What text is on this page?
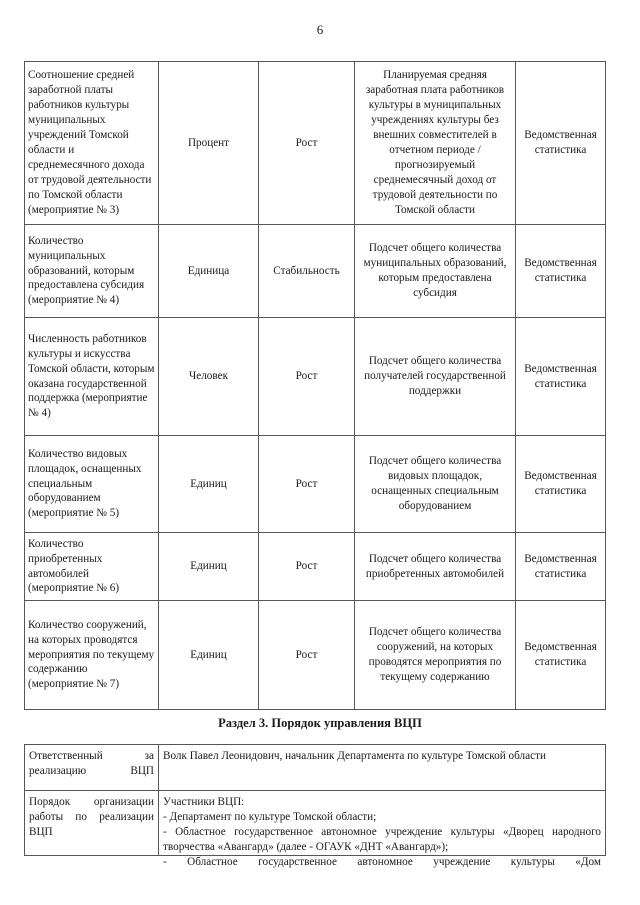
6
Соотношение средней заработной платы работников культуры муниципальных учреждений Томской области и среднемесячного дохода от трудовой деятельности по Томской области (мероприятие № 3)	Процент	Рост	Планируемая средняя заработная плата работников культуры в муниципальных учреждениях культуры без внешних совместителей в отчетном периоде / прогнозируемый среднемесячный доход от трудовой деятельности по Томской области	Ведомственная статистика
Количество муниципальных образований, которым предоставлена субсидия (мероприятие № 4)	Единица	Стабильность	Подсчет общего количества муниципальных образований, которым предоставлена субсидия	Ведомственная статистика
Численность работников культуры и искусства Томской области, которым оказана государственной поддержка (мероприятие № 4)	Человек	Рост	Подсчет общего количества получателей государственной поддержки	Ведомственная статистика
Количество видовых площадок, оснащенных специальным оборудованием (мероприятие № 5)	Единиц	Рост	Подсчет общего количества видовых площадок, оснащенных специальным оборудованием	Ведомственная статистика
Количество приобретенных автомобилей (мероприятие № 6)	Единиц	Рост	Подсчет общего количества приобретенных автомобилей	Ведомственная статистика
Количество сооружений, на которых проводятся мероприятия по текущему содержанию (мероприятие № 7)	Единиц	Рост	Подсчет общего количества сооружений, на которых проводятся мероприятия по текущему содержанию	Ведомственная статистика
Раздел 3. Порядок управления ВЦП
Ответственный за реализацию ВЦП	Волк Павел Леонидович, начальник Департамента по культуре Томской области
Порядок организации работы по реализации ВЦП	Участники ВЦП:
- Департамент по культуре Томской области;
- Областное государственное автономное учреждение культуры «Дворец народного творчества «Авангард» (далее - ОГАУК «ДНТ «Авангард»);
- Областное государственное автономное учреждение культуры «Дом
